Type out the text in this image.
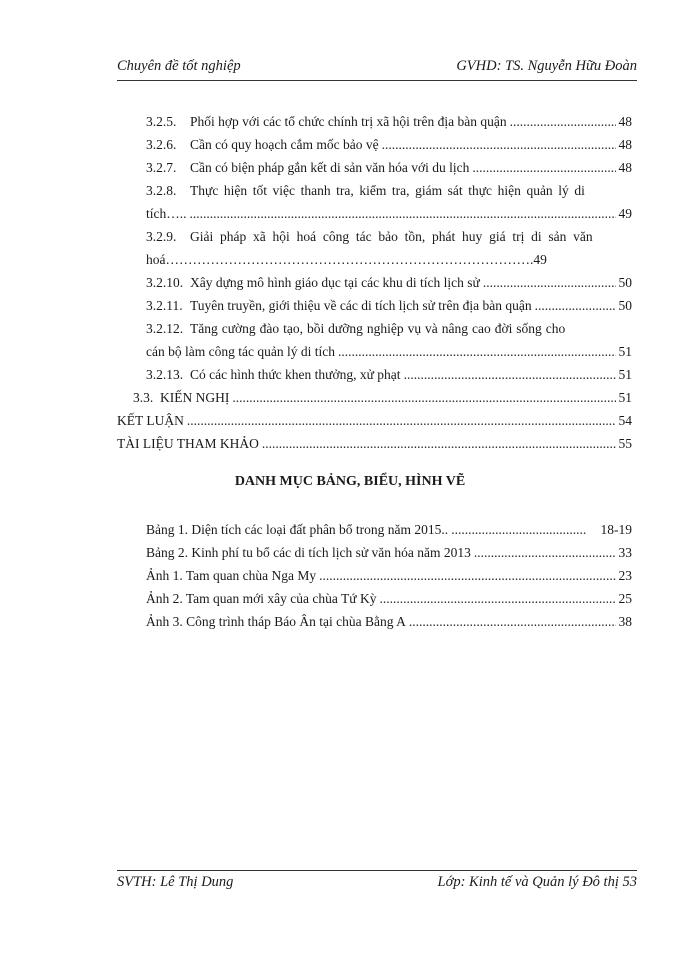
Chuyên đề tốt nghiệp	GVHD: TS. Nguyễn Hữu Đoàn
3.2.5.	Phối hợp với các tổ chức chính trị xã hội trên địa bàn quận .....	48
3.2.6.	Cần có quy hoạch cắm mốc bảo vệ .....	48
3.2.7.	Cần có biện pháp gắn kết di sản văn hóa với du lịch .....	48
3.2.8.	Thực hiện tốt việc thanh tra, kiểm tra, giám sát thực hiện quản lý di
tích….. .....	49
3.2.9.	Giải pháp xã hội hoá công tác bảo tồn, phát huy giá trị di sản văn
hoá……………………………………………………………………….49
3.2.10. Xây dựng mô hình giáo dục tại các khu di tích lịch sử .....	50
3.2.11. Tuyên truyền, giới thiệu về các di tích lịch sử trên địa bàn quận .....	50
3.2.12. Tăng cường đào tạo, bồi dưỡng nghiệp vụ và nâng cao đời sống cho
cán bộ làm công tác quản lý di tích .....	51
3.2.13. Có các hình thức khen thưởng, xử phạt .....	51
3.3. KIẾN NGHỊ .....	51
KẾT LUẬN .....	54
TÀI LIỆU THAM KHẢO .....	55
DANH MỤC BẢNG, BIỂU, HÌNH VẼ
Bảng 1. Diện tích các loại đất phân bổ trong năm 2015.. .....	18-19
Bảng 2. Kinh phí tu bổ các di tích lịch sử văn hóa năm 2013 .....	33
Ảnh 1. Tam quan chùa Nga My .....	23
Ảnh 2. Tam quan mới xây của chùa Tứ Kỳ .....	25
Ảnh 3. Công trình tháp Báo Ân tại chùa Bằng A .....	38
SVTH: Lê Thị Dung	Lớp: Kinh tế và Quản lý Đô thị 53
